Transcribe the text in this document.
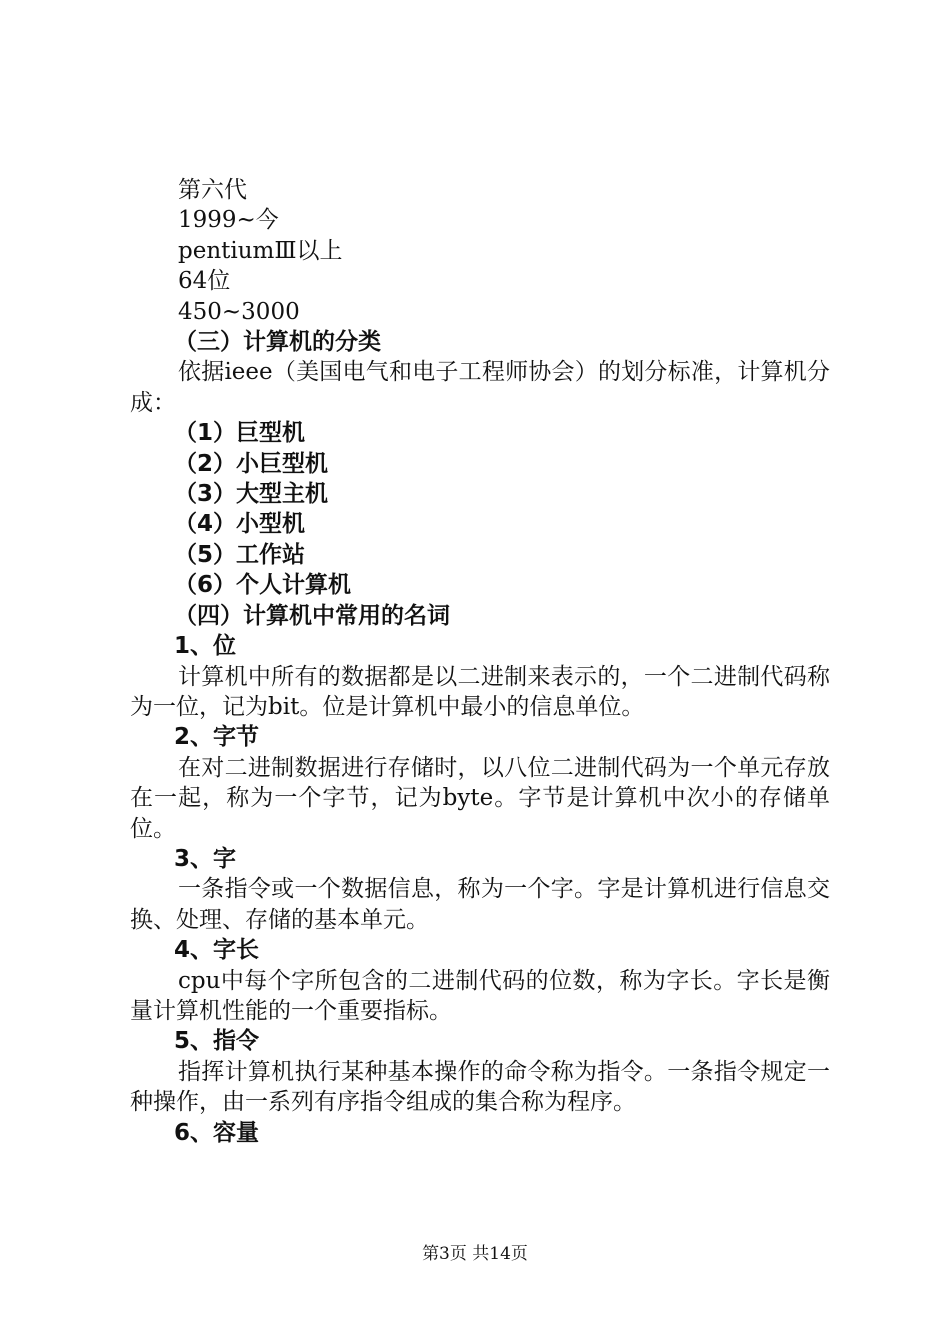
第六代

1999~今

pentiumⅢ以上

64位

450~3000

（三）计算机的分类

依据ieee（美国电气和电子工程师协会）的划分标准，计算机分成：

（1）巨型机

（2）小巨型机

（3）大型主机

（4）小型机

（5）工作站

（6）个人计算机

（四）计算机中常用的名词

1、位

计算机中所有的数据都是以二进制来表示的，一个二进制代码称为一位，记为bit。位是计算机中最小的信息单位。

2、字节

在对二进制数据进行存储时，以八位二进制代码为一个单元存放在一起，称为一个字节，记为byte。字节是计算机中次小的存储单位。

3、字

一条指令或一个数据信息，称为一个字。字是计算机进行信息交换、处理、存储的基本单元。

4、字长

cpu中每个字所包含的二进制代码的位数，称为字长。字长是衡量计算机性能的一个重要指标。

5、指令

指挥计算机执行某种基本操作的命令称为指令。一条指令规定一种操作，由一系列有序指令组成的集合称为程序。

6、容量

第3页 共14页
